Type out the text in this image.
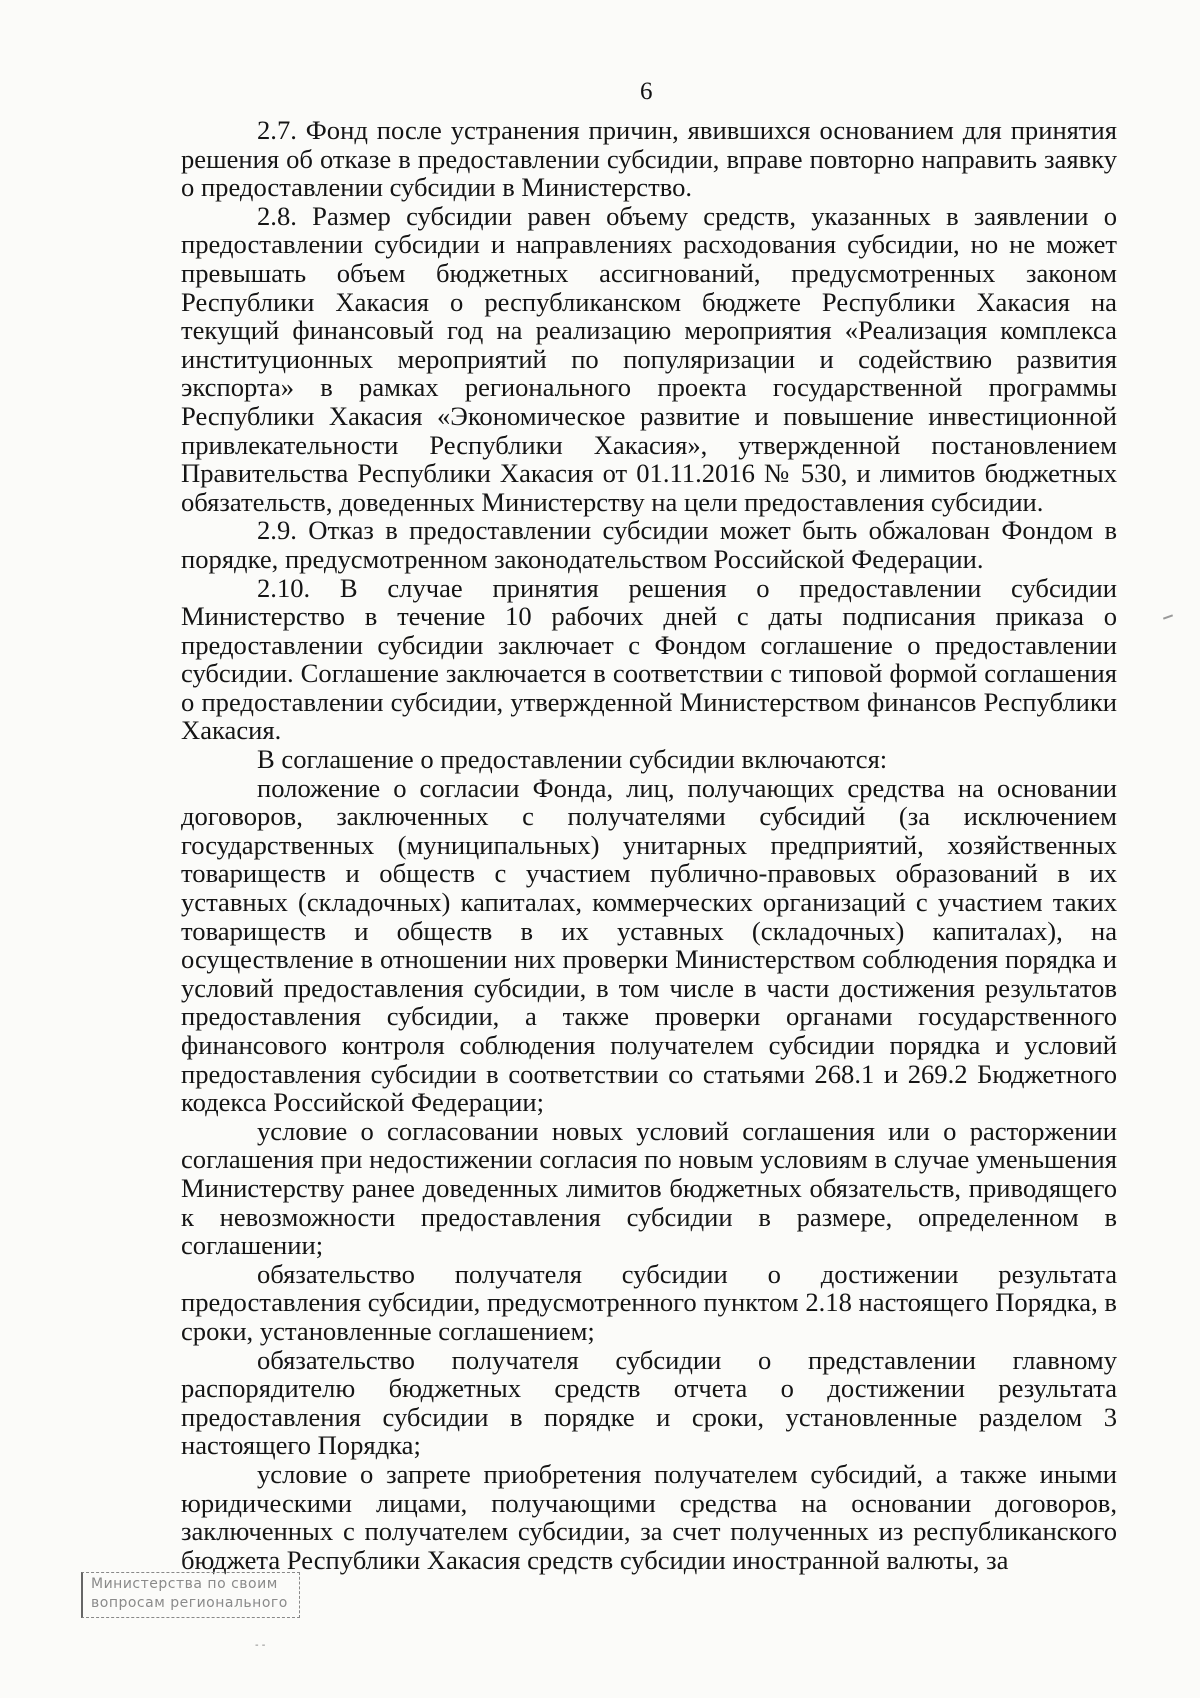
6

2.7. Фонд после устранения причин, явившихся основанием для принятия решения об отказе в предоставлении субсидии, вправе повторно направить заявку о предоставлении субсидии в Министерство.

2.8. Размер субсидии равен объему средств, указанных в заявлении о предоставлении субсидии и направлениях расходования субсидии, но не может превышать объем бюджетных ассигнований, предусмотренных законом Республики Хакасия о республиканском бюджете Республики Хакасия на текущий финансовый год на реализацию мероприятия «Реализация комплекса институционных мероприятий по популяризации и содействию развития экспорта» в рамках регионального проекта государственной программы Республики Хакасия «Экономическое развитие и повышение инвестиционной привлекательности Республики Хакасия», утвержденной постановлением Правительства Республики Хакасия от 01.11.2016 № 530, и лимитов бюджетных обязательств, доведенных Министерству на цели предоставления субсидии.

2.9. Отказ в предоставлении субсидии может быть обжалован Фондом в порядке, предусмотренном законодательством Российской Федерации.

2.10. В случае принятия решения о предоставлении субсидии Министерство в течение 10 рабочих дней с даты подписания приказа о предоставлении субсидии заключает с Фондом соглашение о предоставлении субсидии. Соглашение заключается в соответствии с типовой формой соглашения о предоставлении субсидии, утвержденной Министерством финансов Республики Хакасия.

В соглашение о предоставлении субсидии включаются:

положение о согласии Фонда, лиц, получающих средства на основании договоров, заключенных с получателями субсидий (за исключением государственных (муниципальных) унитарных предприятий, хозяйственных товариществ и обществ с участием публично-правовых образований в их уставных (складочных) капиталах, коммерческих организаций с участием таких товариществ и обществ в их уставных (складочных) капиталах), на осуществление в отношении них проверки Министерством соблюдения порядка и условий предоставления субсидии, в том числе в части достижения результатов предоставления субсидии, а также проверки органами государственного финансового контроля соблюдения получателем субсидии порядка и условий предоставления субсидии в соответствии со статьями 268.1 и 269.2 Бюджетного кодекса Российской Федерации;

условие о согласовании новых условий соглашения или о расторжении соглашения при недостижении согласия по новым условиям в случае уменьшения Министерству ранее доведенных лимитов бюджетных обязательств, приводящего к невозможности предоставления субсидии в размере, определенном в соглашении;

обязательство получателя субсидии о достижении результата предоставления субсидии, предусмотренного пунктом 2.18 настоящего Порядка, в сроки, установленные соглашением;

обязательство получателя субсидии о представлении главному распорядителю бюджетных средств отчета о достижении результата предоставления субсидии в порядке и сроки, установленные разделом 3 настоящего Порядка;

условие о запрете приобретения получателем субсидий, а также иными юридическими лицами, получающими средства на основании договоров, заключенных с получателем субсидии, за счет полученных из республиканского бюджета Республики Хакасия средств субсидии иностранной валюты, за

Министерства по своим
вопросам регионального
- -
